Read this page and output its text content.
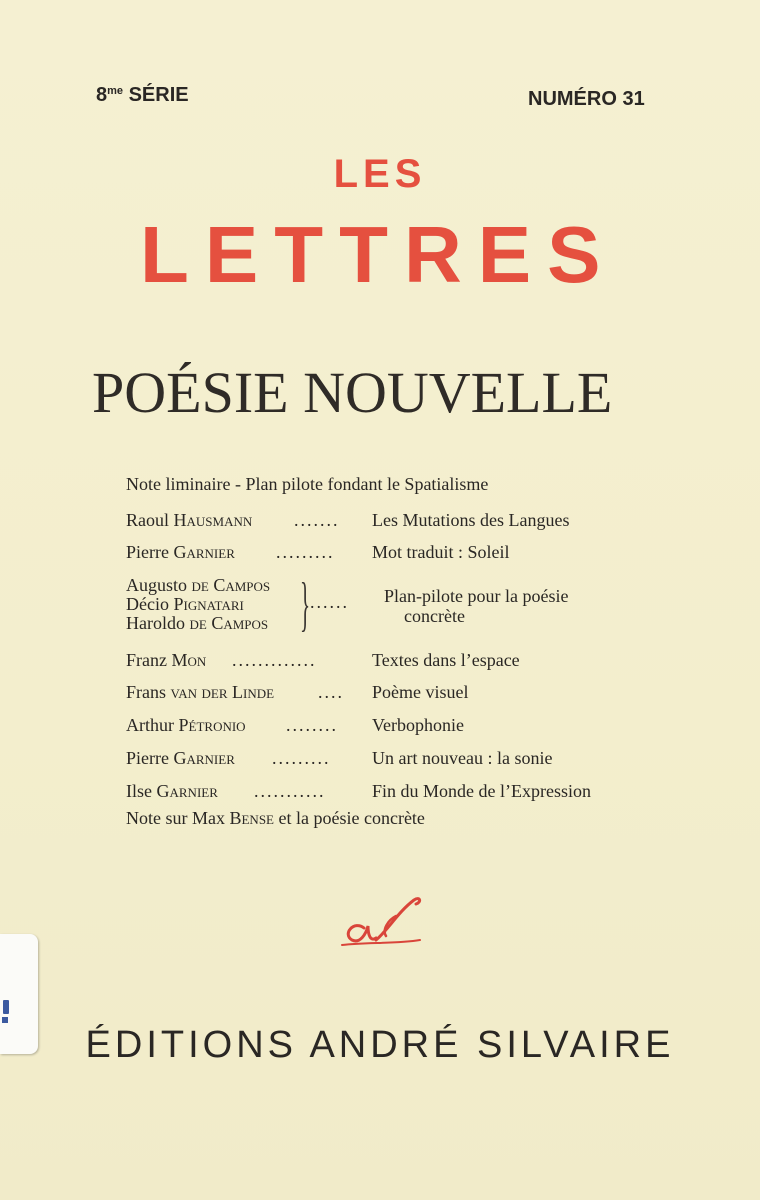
$8^{me}$ SÉRIE	NUMÉRO 31
LES
LETTRES
POÉSIE NOUVELLE
Note liminaire - Plan pilote fondant le Spatialisme
Raoul Hausmann ....... Les Mutations des Langues
Pierre Garnier ......... Mot traduit : Soleil
Augusto de Campos
Décio Pignatari
Haroldo de Campos } ...... Plan-pilote pour la poésie
concrète
Franz Mon .............	Textes dans l’espace
Frans van der Linde .... Poème visuel
Arthur Pétronio ........ Verbophonie
Pierre Garnier ......... Un art nouveau : la sonie
Ilse Garnier ...........	Fin du Monde de l’Expression
Note sur Max Bense et la poésie concrète
ÉDITIONS ANDRÉ SILVAIRE
